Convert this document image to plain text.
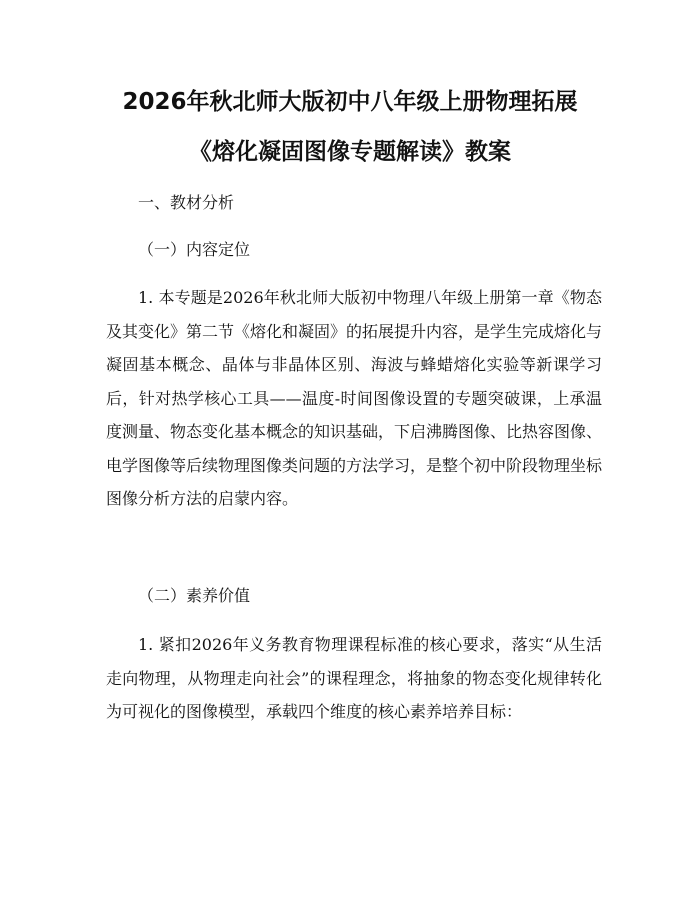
2026年秋北师大版初中八年级上册物理拓展
《熔化凝固图像专题解读》教案
一、教材分析
（一）内容定位

1. 本专题是2026年秋北师大版初中物理八年级上册第一章《物态及其变化》第二节《熔化和凝固》的拓展提升内容，是学生完成熔化与凝固基本概念、晶体与非晶体区别、海波与蜂蜡熔化实验等新课学习后，针对热学核心工具——温度-时间图像设置的专题突破课，上承温度测量、物态变化基本概念的知识基础，下启沸腾图像、比热容图像、电学图像等后续物理图像类问题的方法学习，是整个初中阶段物理坐标图像分析方法的启蒙内容。

（二）素养价值

1. 紧扣2026年义务教育物理课程标准的核心要求，落实“从生活走向物理，从物理走向社会”的课程理念，将抽象的物态变化规律转化为可视化的图像模型，承载四个维度的核心素养培养目标：
